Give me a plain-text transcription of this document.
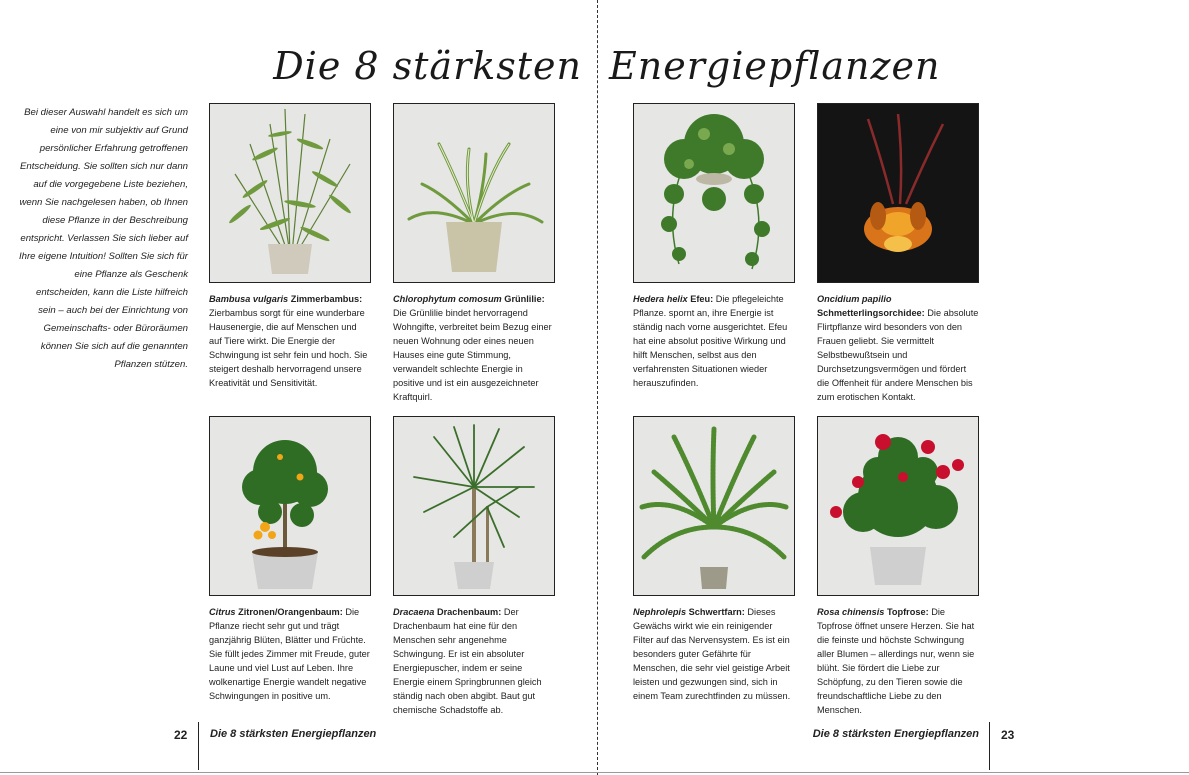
Die 8 stärksten Energiepflanzen
Bei dieser Auswahl handelt es sich um eine von mir subjektiv auf Grund persönlicher Erfahrung getroffenen Entscheidung. Sie sollten sich nur dann auf die vorgegebene Liste beziehen, wenn Sie nachgelesen haben, ob Ihnen diese Pflanze in der Beschreibung entspricht. Verlassen Sie sich lieber auf Ihre eigene Intuition! Sollten Sie sich für eine Pflanze als Geschenk entscheiden, kann die Liste hilfreich sein – auch bei der Einrichtung von Gemeinschafts- oder Büroräumen können Sie sich auf die genannten Pflanzen stützen.
Bambusa vulgaris Zimmerbambus: Zierbambus sorgt für eine wunderbare Hausenergie, die auf Menschen und auf Tiere wirkt. Die Energie der Schwingung ist sehr fein und hoch. Sie steigert deshalb hervorragend unsere Kreativität und Sensitivität.
Chlorophytum comosum Grünlilie: Die Grünlilie bindet hervorragend Wohngifte, verbreitet beim Bezug einer neuen Wohnung oder eines neuen Hauses eine gute Stimmung, verwandelt schlechte Energie in positive und ist ein ausgezeichneter Kraftquirl.
Hedera helix Efeu: Die pflegeleichte Pflanze. spornt an, ihre Energie ist ständig nach vorne ausgerichtet. Efeu hat eine absolut positive Wirkung und hilft Menschen, selbst aus den verfahrensten Situationen wieder herauszufinden.
Oncidium papilio Schmetterlingsorchidee: Die absolute Flirtpflanze wird besonders von den Frauen geliebt. Sie vermittelt Selbstbewußtsein und Durchsetzungsvermögen und fördert die Offenheit für andere Menschen bis zum erotischen Kontakt.
Citrus Zitronen/Orangenbaum: Die Pflanze riecht sehr gut und trägt ganzjährig Blüten, Blätter und Früchte. Sie füllt jedes Zimmer mit Freude, guter Laune und viel Lust auf Leben. Ihre wolkenartige Energie wandelt negative Schwingungen in positive um.
Dracaena Drachenbaum: Der Drachenbaum hat eine für den Menschen sehr angenehme Schwingung. Er ist ein absoluter Energiepuscher, indem er seine Energie einem Springbrunnen gleich ständig nach oben abgibt. Baut gut chemische Schadstoffe ab.
Nephrolepis Schwertfarn: Dieses Gewächs wirkt wie ein reinigender Filter auf das Nervensystem. Es ist ein besonders guter Gefährte für Menschen, die sehr viel geistige Arbeit leisten und gezwungen sind, sich in einem Team zurechtfinden zu müssen.
Rosa chinensis Topfrose: Die Topfrose öffnet unsere Herzen. Sie hat die feinste und höchste Schwingung aller Blumen – allerdings nur, wenn sie blüht. Sie fördert die Liebe zur Schöpfung, zu den Tieren sowie die freundschaftliche Liebe zu den Menschen.
22 Die 8 stärksten Energiepflanzen	Die 8 stärksten Energiepflanzen 23
